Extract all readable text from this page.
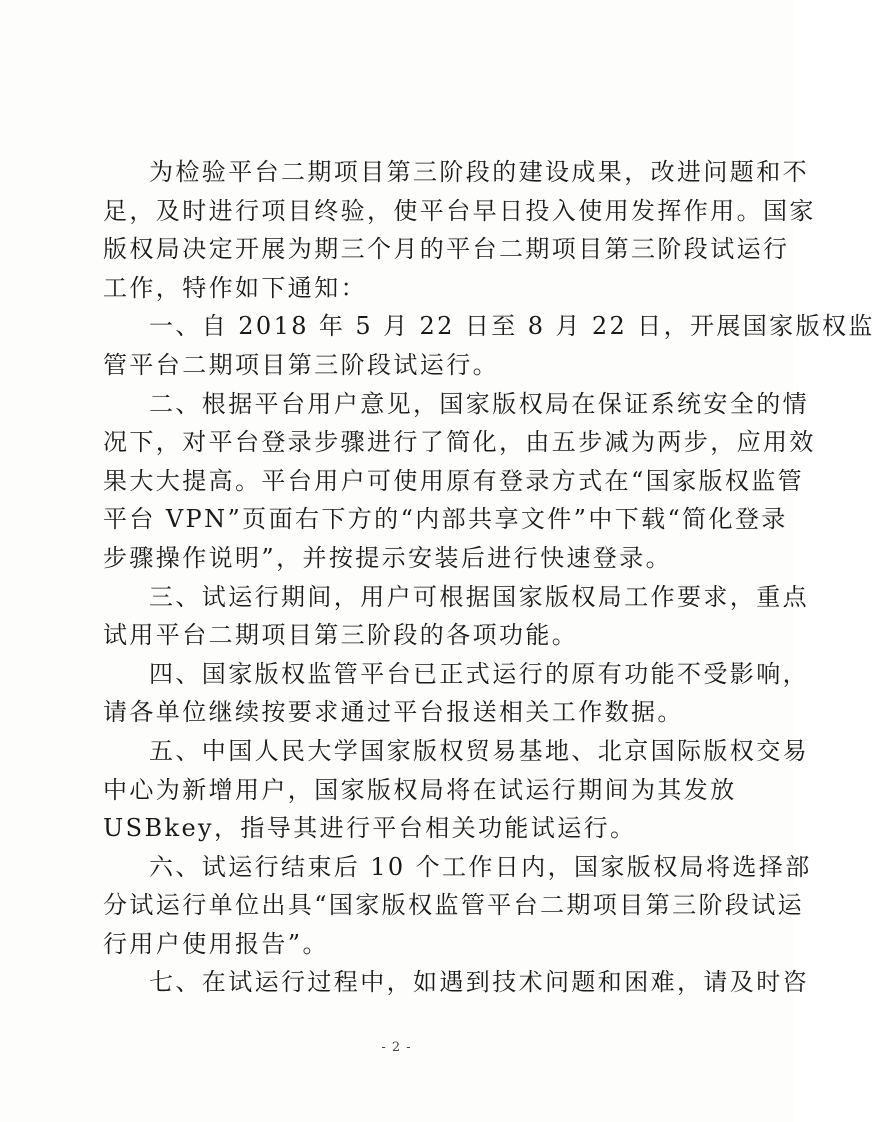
为检验平台二期项目第三阶段的建设成果，改进问题和不
足，及时进行项目终验，使平台早日投入使用发挥作用。国家
版权局决定开展为期三个月的平台二期项目第三阶段试运行
工作，特作如下通知：
一、自 2018 年 5 月 22 日至 8 月 22 日，开展国家版权监
管平台二期项目第三阶段试运行。
二、根据平台用户意见，国家版权局在保证系统安全的情
况下，对平台登录步骤进行了简化，由五步减为两步，应用效
果大大提高。平台用户可使用原有登录方式在“国家版权监管
平台 VPN”页面右下方的“内部共享文件”中下载“简化登录
步骤操作说明”，并按提示安装后进行快速登录。
三、试运行期间，用户可根据国家版权局工作要求，重点
试用平台二期项目第三阶段的各项功能。
四、国家版权监管平台已正式运行的原有功能不受影响，
请各单位继续按要求通过平台报送相关工作数据。
五、中国人民大学国家版权贸易基地、北京国际版权交易
中心为新增用户，国家版权局将在试运行期间为其发放
USBkey，指导其进行平台相关功能试运行。
六、试运行结束后 10 个工作日内，国家版权局将选择部
分试运行单位出具“国家版权监管平台二期项目第三阶段试运
行用户使用报告”。
七、在试运行过程中，如遇到技术问题和困难，请及时咨
- 2 -
